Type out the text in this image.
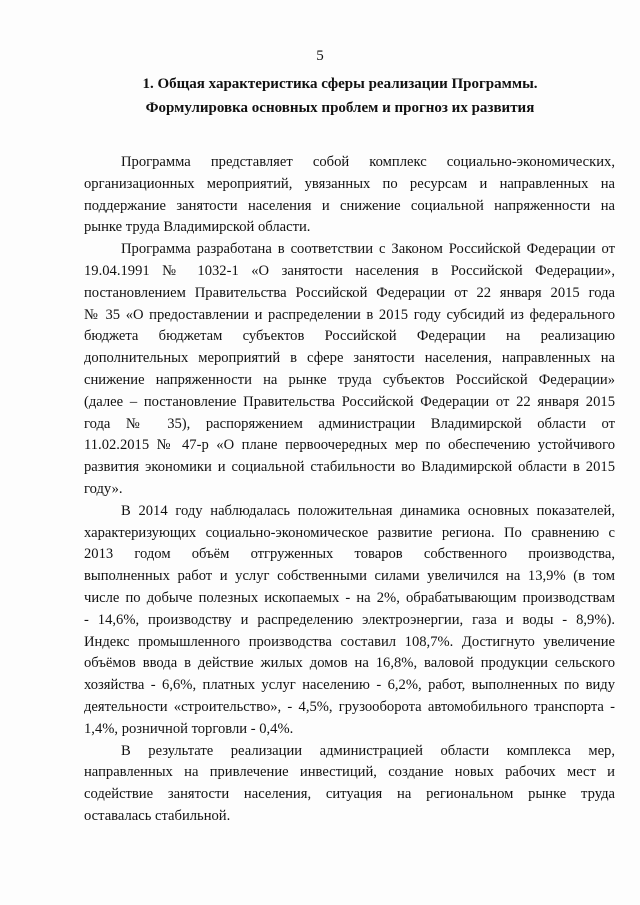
5
1. Общая характеристика сферы реализации Программы.
Формулировка основных проблем и прогноз их развития
Программа представляет собой комплекс социально-экономических,
организационных мероприятий, увязанных по ресурсам и направленных на
поддержание занятости населения и снижение социальной напряженности на
рынке труда Владимирской области.
Программа разработана в соответствии с Законом Российской Федерации от
19.04.1991 № 1032-1 «О занятости населения в Российской Федерации»,
постановлением Правительства Российской Федерации от 22 января 2015 года
№ 35 «О предоставлении и распределении в 2015 году субсидий из федерального
бюджета бюджетам субъектов Российской Федерации на реализацию
дополнительных мероприятий в сфере занятости населения, направленных на
снижение напряженности на рынке труда субъектов Российской Федерации»
(далее – постановление Правительства Российской Федерации от 22 января 2015
года № 35), распоряжением администрации Владимирской области от
11.02.2015 № 47-р «О плане первоочередных мер по обеспечению устойчивого
развития экономики и социальной стабильности во Владимирской области в 2015
году».
В 2014 году наблюдалась положительная динамика основных показателей,
характеризующих социально-экономическое развитие региона. По сравнению с
2013 годом объём отгруженных товаров собственного производства,
выполненных работ и услуг собственными силами увеличился на 13,9% (в том
числе по добыче полезных ископаемых - на 2%, обрабатывающим производствам
- 14,6%, производству и распределению электроэнергии, газа и воды - 8,9%).
Индекс промышленного производства составил 108,7%. Достигнуто увеличение
объёмов ввода в действие жилых домов на 16,8%, валовой продукции сельского
хозяйства - 6,6%, платных услуг населению - 6,2%, работ, выполненных по виду
деятельности «строительство», - 4,5%, грузооборота автомобильного транспорта -
1,4%, розничной торговли - 0,4%.
В результате реализации администрацией области комплекса мер,
направленных на привлечение инвестиций, создание новых рабочих мест и
содействие занятости населения, ситуация на региональном рынке труда
оставалась стабильной.
